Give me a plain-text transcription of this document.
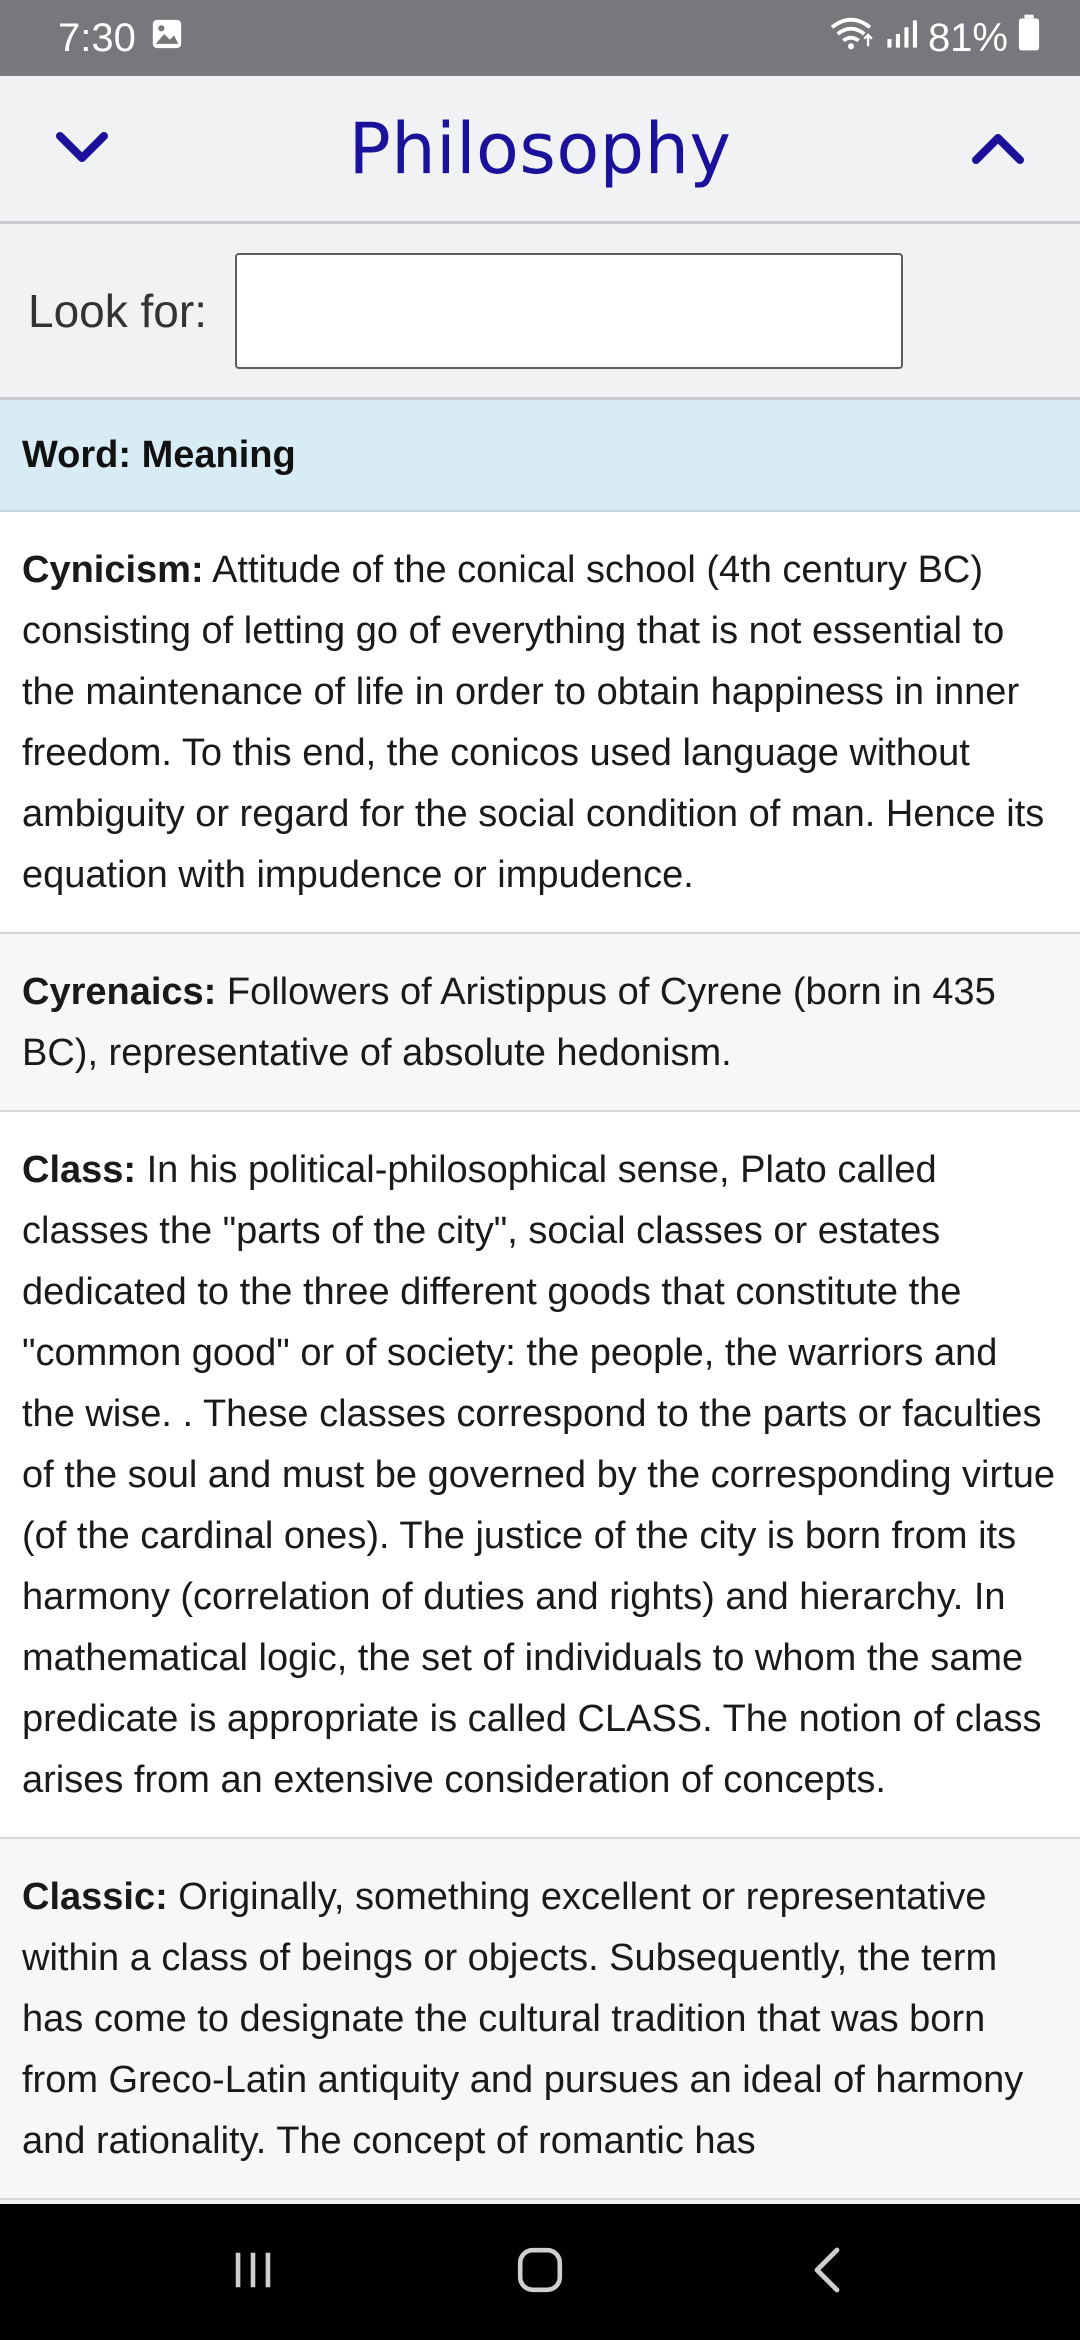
7:30	81%
Philosophy
Look for:
Word: Meaning
Cynicism: Attitude of the conical school (4th century BC) consisting of letting go of everything that is not essential to the maintenance of life in order to obtain happiness in inner freedom. To this end, the conicos used language without ambiguity or regard for the social condition of man. Hence its equation with impudence or impudence.
Cyrenaics: Followers of Aristippus of Cyrene (born in 435 BC), representative of absolute hedonism.
Class: In his political-philosophical sense, Plato called classes the "parts of the city", social classes or estates dedicated to the three different goods that constitute the "common good" or of society: the people, the warriors and the wise. . These classes correspond to the parts or faculties of the soul and must be governed by the corresponding virtue (of the cardinal ones). The justice of the city is born from its harmony (correlation of duties and rights) and hierarchy. In mathematical logic, the set of individuals to whom the same predicate is appropriate is called CLASS. The notion of class arises from an extensive consideration of concepts.
Classic: Originally, something excellent or representative within a class of beings or objects. Subsequently, the term has come to designate the cultural tradition that was born from Greco-Latin antiquity and pursues an ideal of harmony and rationality. The concept of romantic has
